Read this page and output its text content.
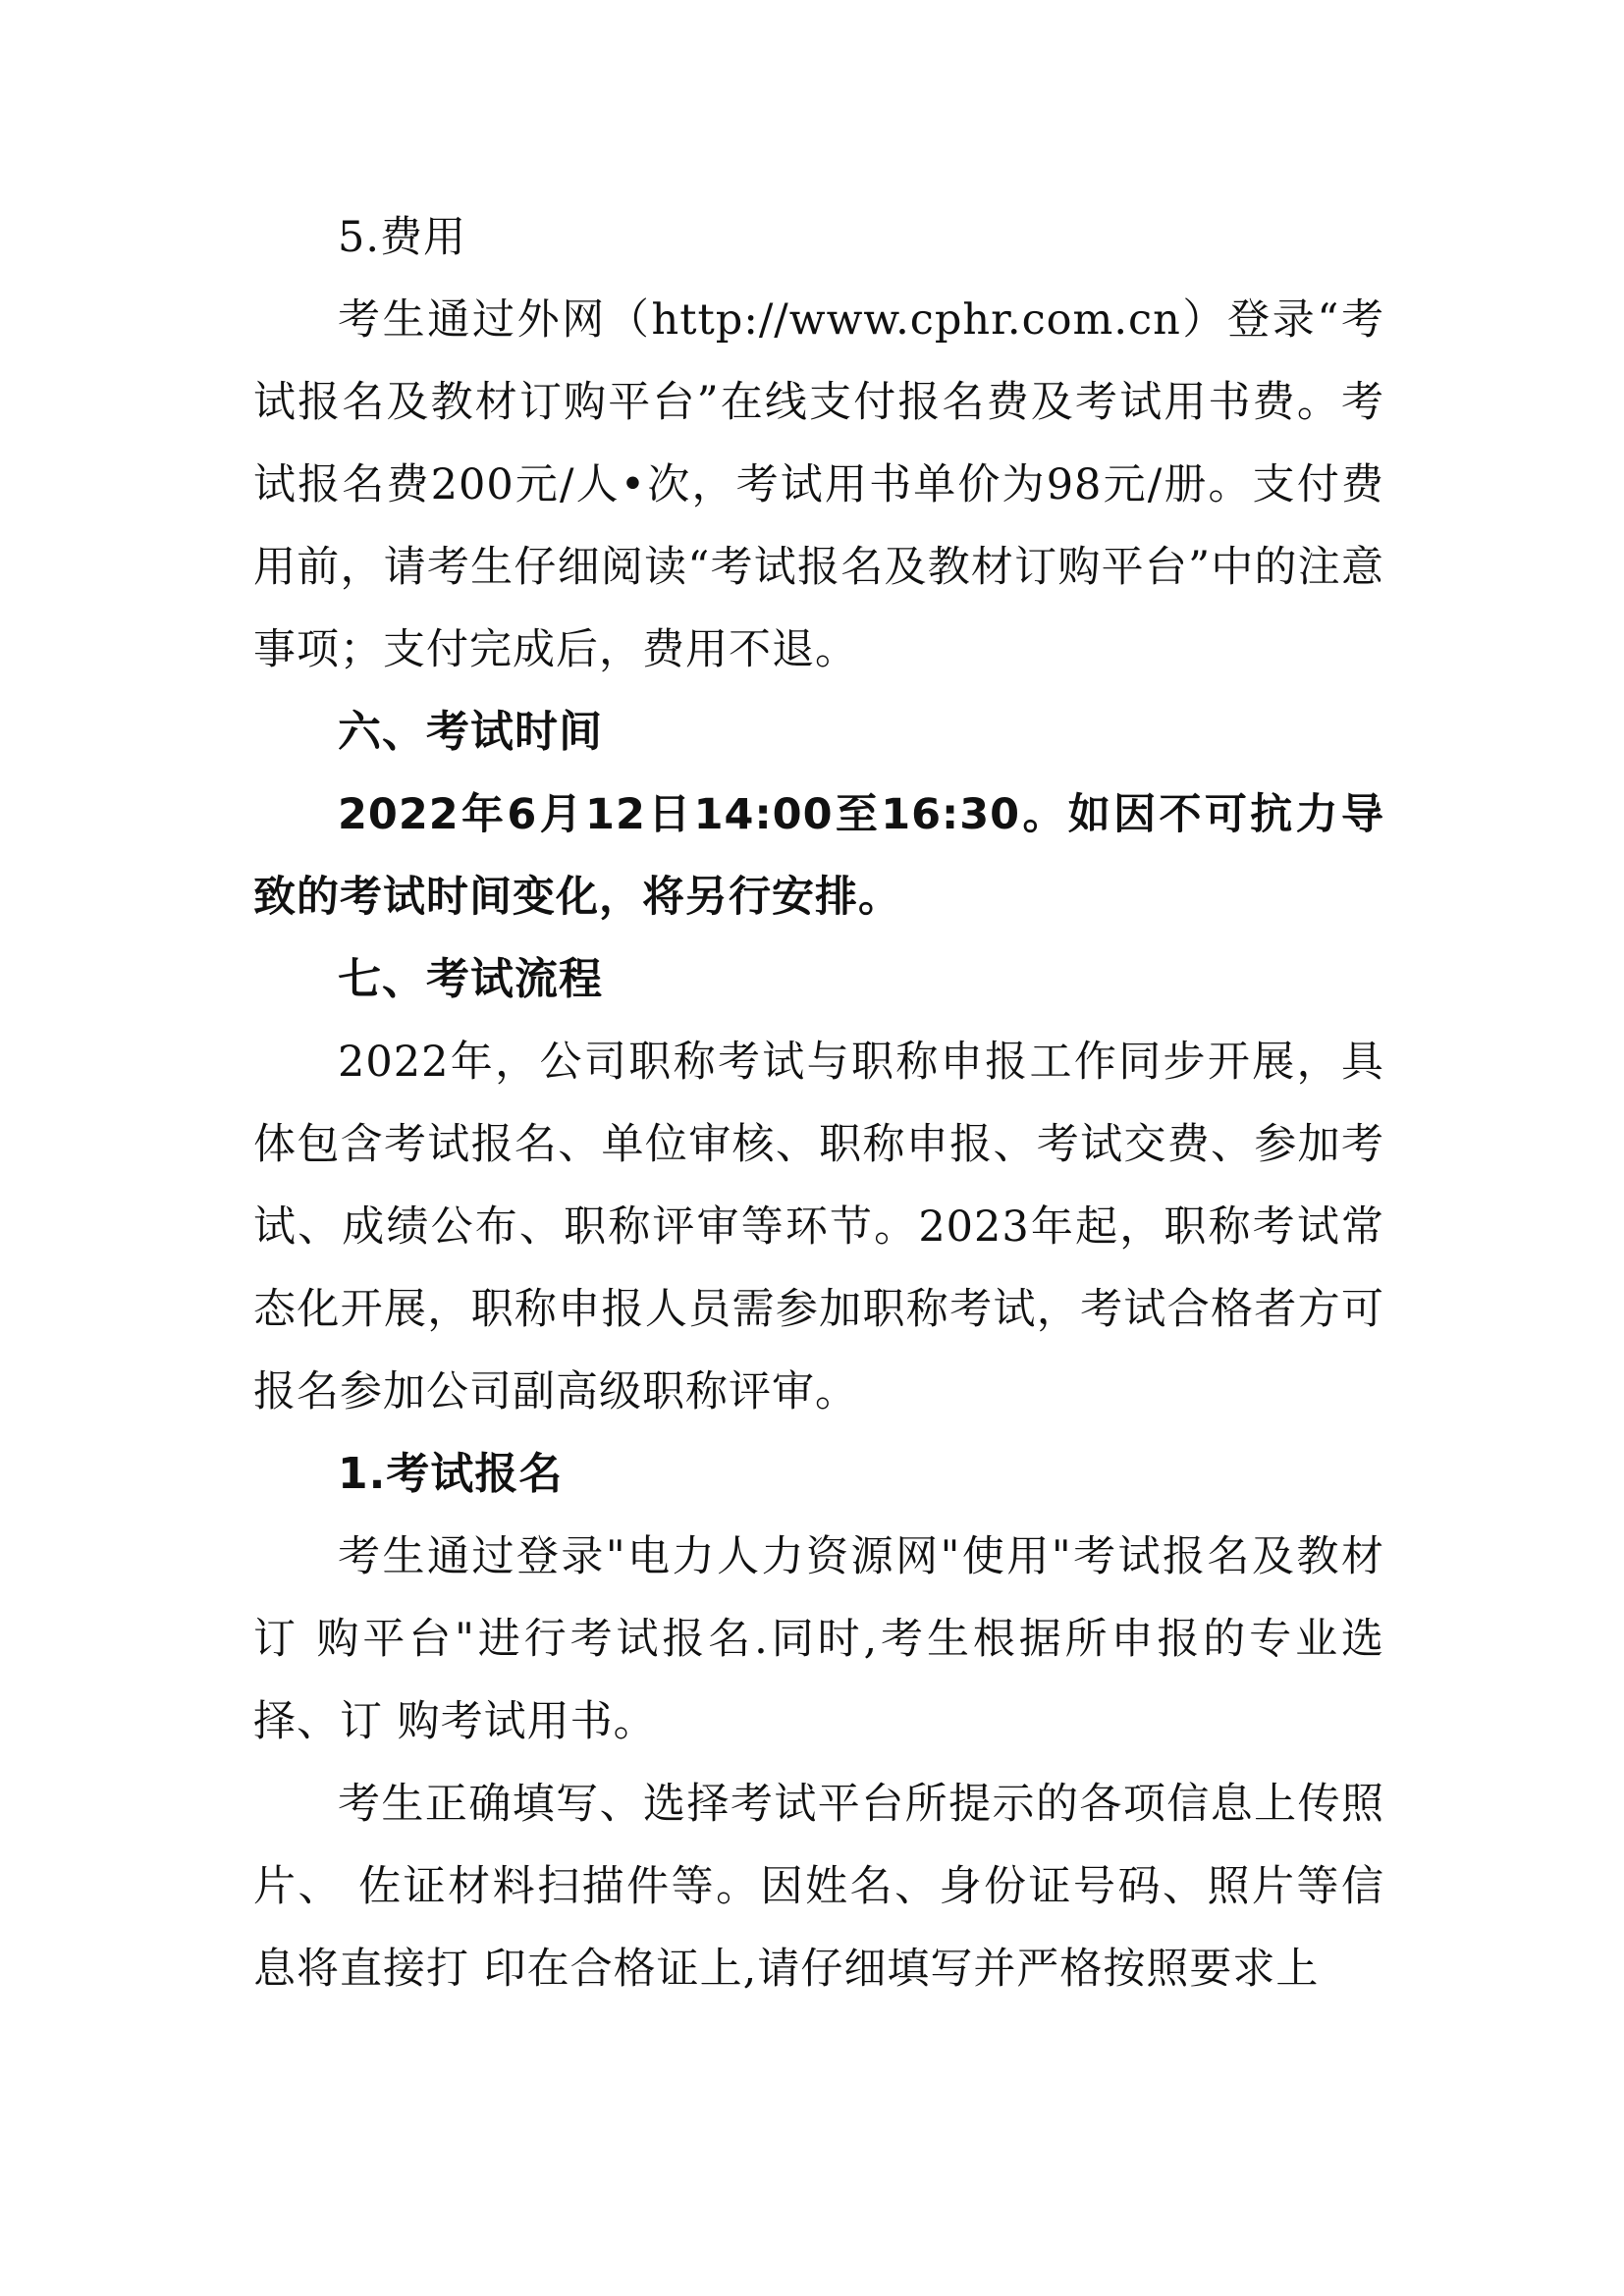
5.费用

考生通过外网（http://www.cphr.com.cn）登录“考试报名及教材订购平台”在线支付报名费及考试用书费。考试报名费200元/人•次，考试用书单价为98元/册。支付费用前，请考生仔细阅读“考试报名及教材订购平台”中的注意事项；支付完成后，费用不退。

六、考试时间

2022年6月12日14:00至16:30。如因不可抗力导致的考试时间变化，将另行安排。

七、考试流程

2022年，公司职称考试与职称申报工作同步开展，具体包含考试报名、单位审核、职称申报、考试交费、参加考试、成绩公布、职称评审等环节。2023年起，职称考试常态化开展，职称申报人员需参加职称考试，考试合格者方可报名参加公司副高级职称评审。

1.考试报名

考生通过登录"电力人力资源网"使用"考试报名及教材订 购平台"进行考试报名.同时,考生根据所申报的专业选择、订 购考试用书。

考生正确填写、选择考试平台所提示的各项信息上传照片、 佐证材料扫描件等。因姓名、身份证号码、照片等信息将直接打 印在合格证上,请仔细填写并严格按照要求上
